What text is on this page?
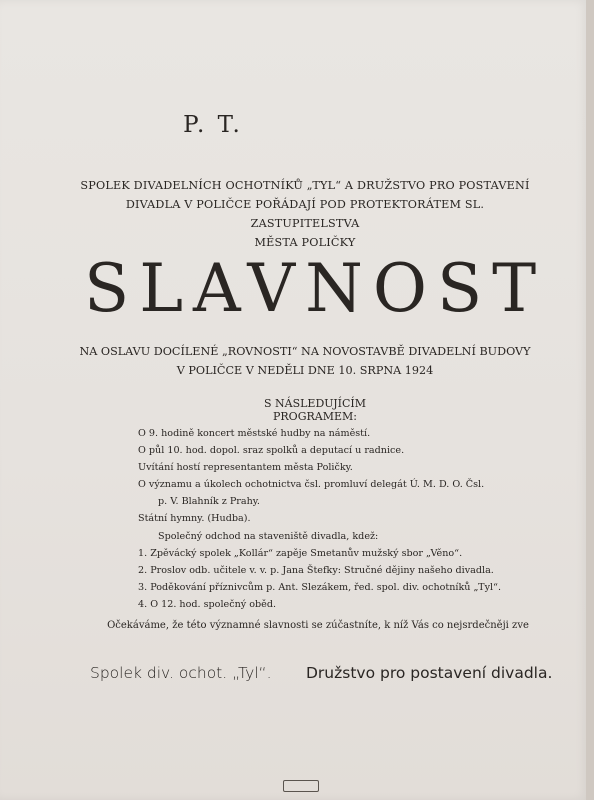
P. T.
SPOLEK DIVADELNÍCH OCHOTNÍKŮ „TYL“ A DRUŽSTVO PRO POSTAVENÍ
DIVADLA V POLIČCE POŘÁDAJÍ POD PROTEKTORÁTEM SL. ZASTUPITELSTVA
MĚSTA POLIČKY
SLAVNOST
NA OSLAVU DOCÍLENÉ „ROVNOSTI“ NA NOVOSTAVBĚ DIVADELNÍ BUDOVY
V POLIČCE V NEDĚLI DNE 10. SRPNA 1924
S NÁSLEDUJÍCÍM PROGRAMEM:
O 9. hodině koncert městské hudby na náměstí.
O půl 10. hod. dopol. sraz spolků a deputací u radnice.
Uvítání hostí representantem města Poličky.
O významu a úkolech ochotnictva čsl. promluví delegát Ú. M. D. O. Čsl.
p. V. Blahník z Prahy.
Státní hymny. (Hudba).
Společný odchod na staveniště divadla, kdež:
1. Zpěvácký spolek „Kollár“ zapěje Smetanův mužský sbor „Věno“.
2. Proslov odb. učitele v. v. p. Jana Štefky: Stručné dějiny našeho divadla.
3. Poděkování příznivcům p. Ant. Slezákem, řed. spol. div. ochotníků „Tyl“.
4. O 12. hod. společný oběd.
Očekáváme, že této významné slavnosti se zúčastníte, k níž Vás co nejsrdečněji zve
Spolek div. ochot. „Tyl“. Družstvo pro postavení divadla.
